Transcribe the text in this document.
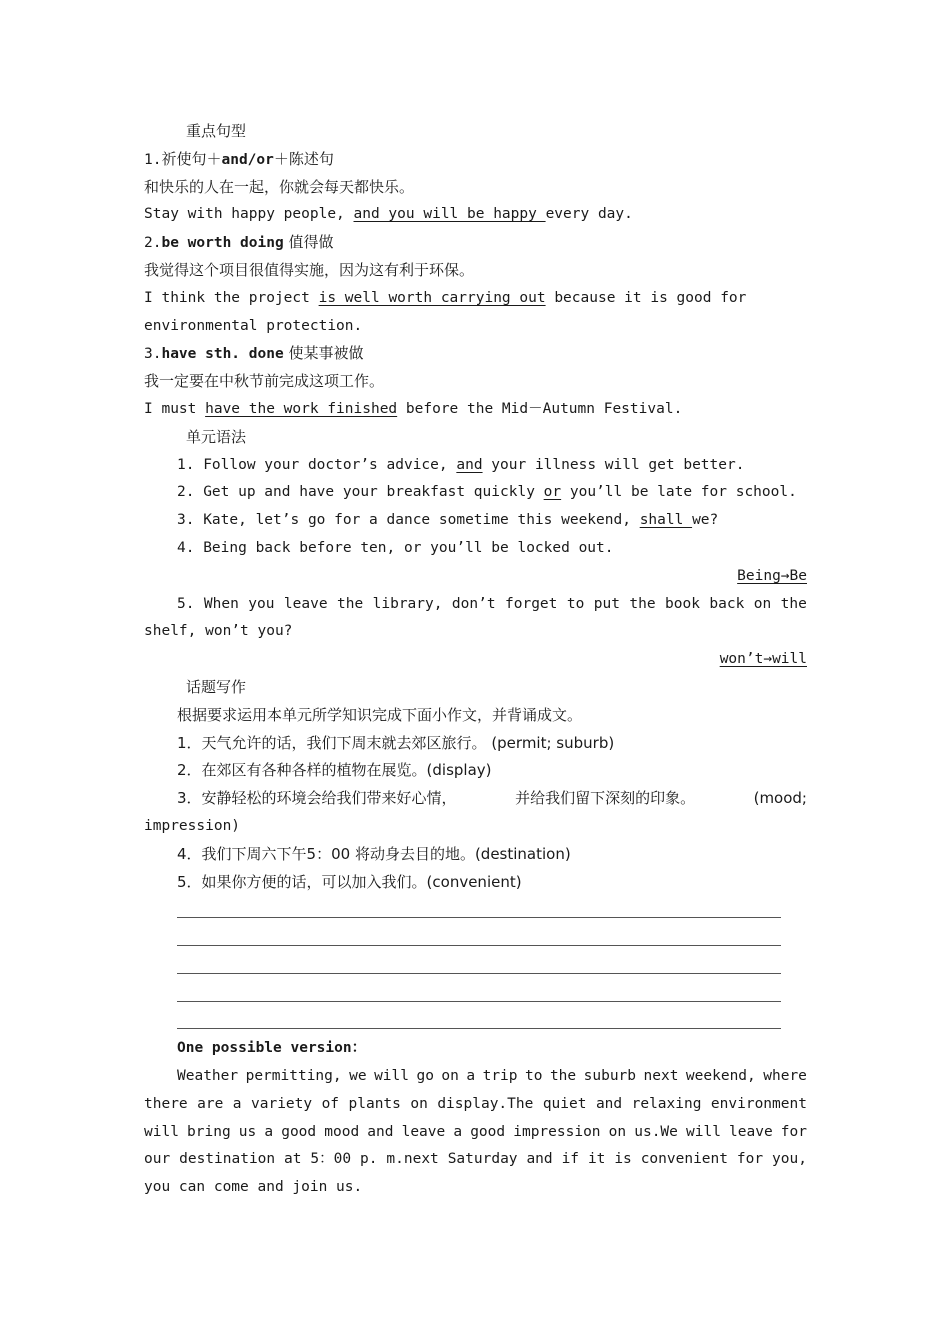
重点句型
1.祈使句＋and/or＋陈述句
和快乐的人在一起，你就会每天都快乐。
Stay with happy people, and you will be happy every day.
2.be worth doing 值得做
我觉得这个项目很值得实施，因为这有利于环保。
I think the project is well worth carrying out because it is good for
environmental protection.
3.have sth. done 使某事被做
我一定要在中秋节前完成这项工作。
I must have the work finished before the Mid－Autumn Festival.
单元语法
1. Follow your doctor’s advice, and your illness will get better.
2. Get up and have your breakfast quickly or you’ll be late for school.
3. Kate, let’s go for a dance sometime this weekend, shall we?
4. Being back before ten, or you’ll be locked out.
Being→Be
5. When you leave the library, don’t forget to put the book back on the
shelf, won’t you?
won’t→will
话题写作
根据要求运用本单元所学知识完成下面小作文，并背诵成文。
1．天气允许的话，我们下周末就去郊区旅行。 (permit; suburb)
2．在郊区有各种各样的植物在展览。(display)
3．安静轻松的环境会给我们带来好心情，	并给我们留下深刻的印象。	(mood;
impression)
4．我们下周六下午5：00 将动身去目的地。(destination)
5．如果你方便的话，可以加入我们。(convenient)
One possible version：
Weather permitting, we will go on a trip to the suburb next weekend, where
there are a variety of plants on display.The quiet and relaxing environment
will bring us a good mood and leave a good impression on us.We will leave for
our destination at 5：00 p. m.next Saturday and if it is convenient for you,
you can come and join us.
